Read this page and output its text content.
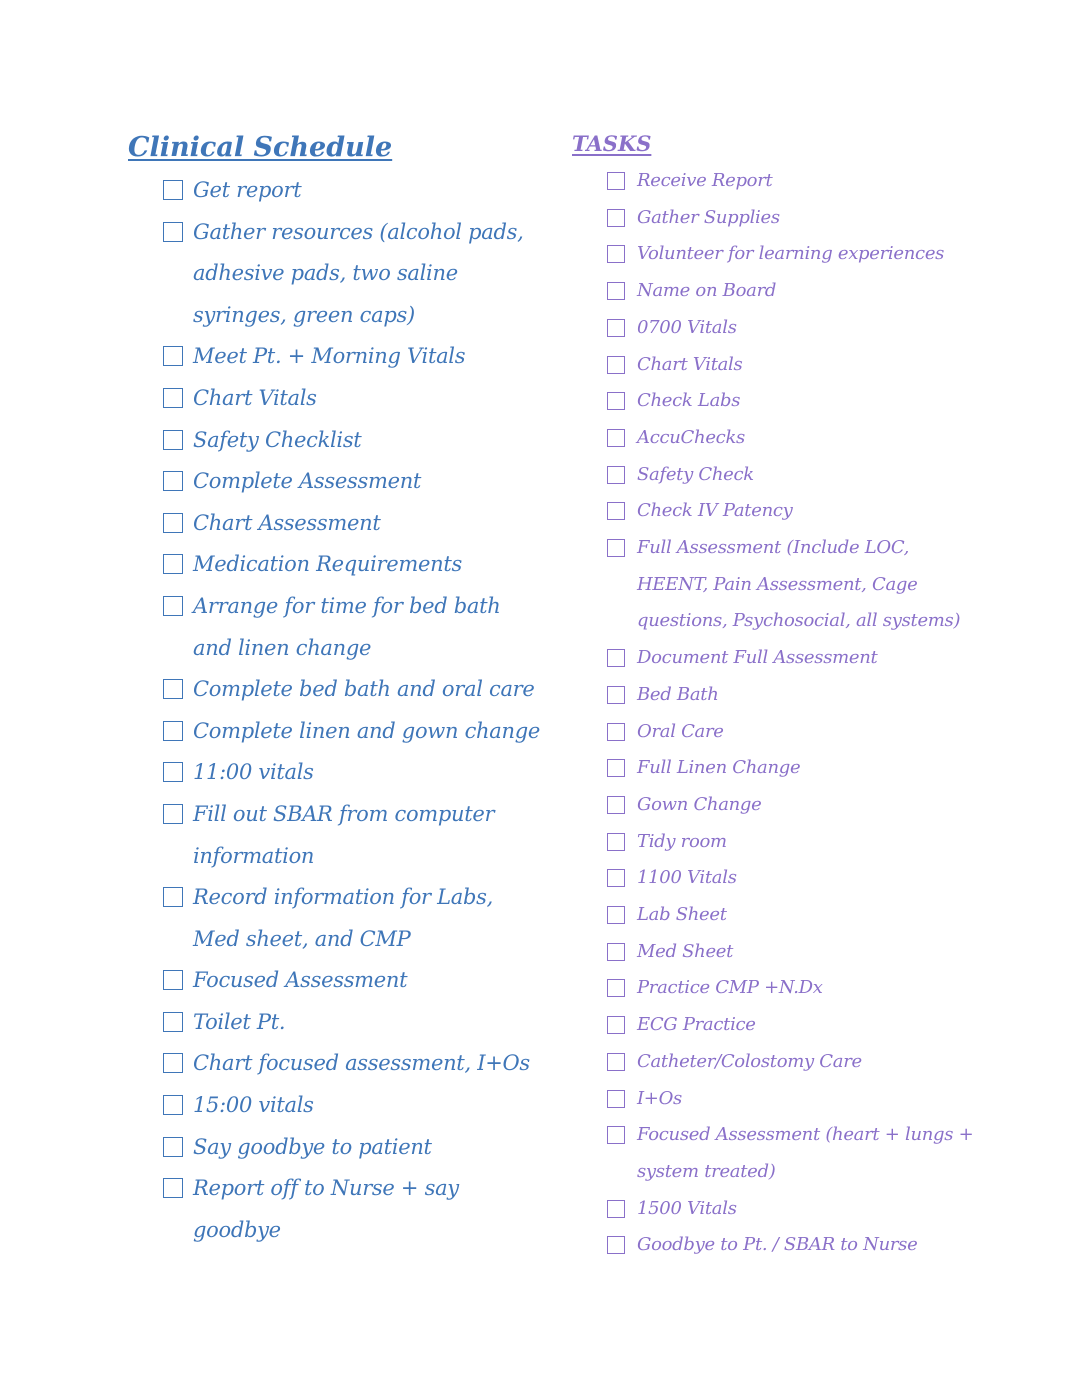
Clinical Schedule
Get report
Gather resources (alcohol pads,
adhesive pads, two saline
syringes, green caps)
Meet Pt. + Morning Vitals
Chart Vitals
Safety Checklist
Complete Assessment
Chart Assessment
Medication Requirements
Arrange for time for bed bath
and linen change
Complete bed bath and oral care
Complete linen and gown change
11:00 vitals
Fill out SBAR from computer
information
Record information for Labs,
Med sheet, and CMP
Focused Assessment
Toilet Pt.
Chart focused assessment, I+Os
15:00 vitals
Say goodbye to patient
Report off to Nurse + say
goodbye
TASKS
Receive Report
Gather Supplies
Volunteer for learning experiences
Name on Board
0700 Vitals
Chart Vitals
Check Labs
AccuChecks
Safety Check
Check IV Patency
Full Assessment (Include LOC,
HEENT, Pain Assessment, Cage
questions, Psychosocial, all systems)
Document Full Assessment
Bed Bath
Oral Care
Full Linen Change
Gown Change
Tidy room
1100 Vitals
Lab Sheet
Med Sheet
Practice CMP +N.Dx
ECG Practice
Catheter/Colostomy Care
I+Os
Focused Assessment (heart + lungs +
system treated)
1500 Vitals
Goodbye to Pt. / SBAR to Nurse
